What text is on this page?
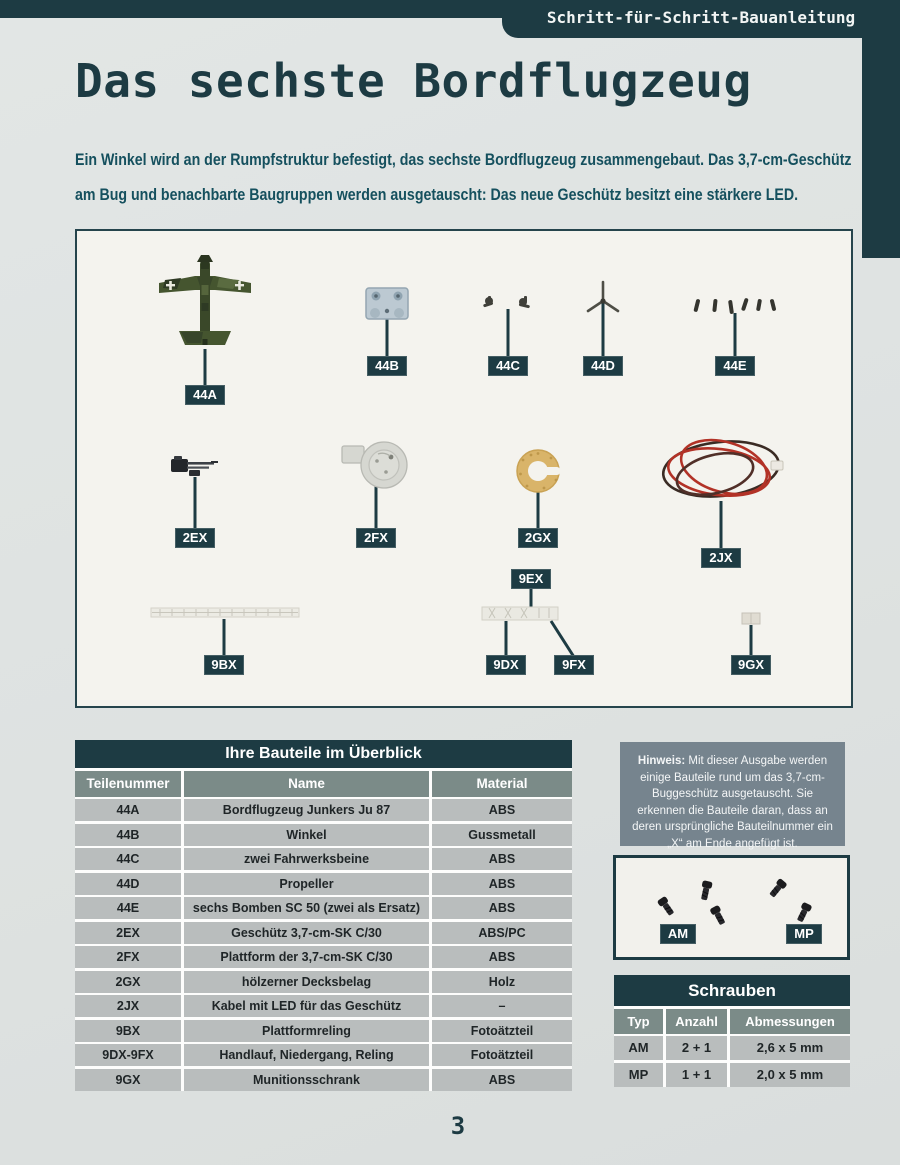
Schritt-für-Schritt-Bauanleitung
Das sechste Bordflugzeug
Ein Winkel wird an der Rumpfstruktur befestigt, das sechste Bordflugzeug zusammengebaut. Das 3,7-cm-Geschütz
am Bug und benachbarte Baugruppen werden ausgetauscht: Das neue Geschütz besitzt eine stärkere LED.
44A
44B	44C	44D	44E
2EX	2FX	2GX
2JX
9EX
9BX	9DX	9FX	9GX
Ihre Bauteile im Überblick
Teilenummer	Name	Material
44A	Bordflugzeug Junkers Ju 87	ABS
44B	Winkel	Gussmetall
44C	zwei Fahrwerksbeine	ABS
44D	Propeller	ABS
44E	sechs Bomben SC 50 (zwei als Ersatz)	ABS
2EX	Geschütz 3,7-cm-SK C/30	ABS/PC
2FX	Plattform der 3,7-cm-SK C/30	ABS
2GX	hölzerner Decksbelag	Holz
2JX	Kabel mit LED für das Geschütz	–
9BX	Plattformreling	Fotoätzteil
9DX-9FX	Handlauf, Niedergang, Reling	Fotoätzteil
9GX	Munitionsschrank	ABS
Hinweis: Mit dieser Ausgabe werden einige Bauteile rund um das 3,7-cm-Buggeschütz ausgetauscht. Sie erkennen die Bauteile daran, dass an deren ursprüngliche Bauteilnummer ein „X“ am Ende angefügt ist.
AM	MP
Schrauben
Typ	Anzahl	Abmessungen
AM	2 + 1	2,6 x 5 mm
MP	1 + 1	2,0 x 5 mm
3
